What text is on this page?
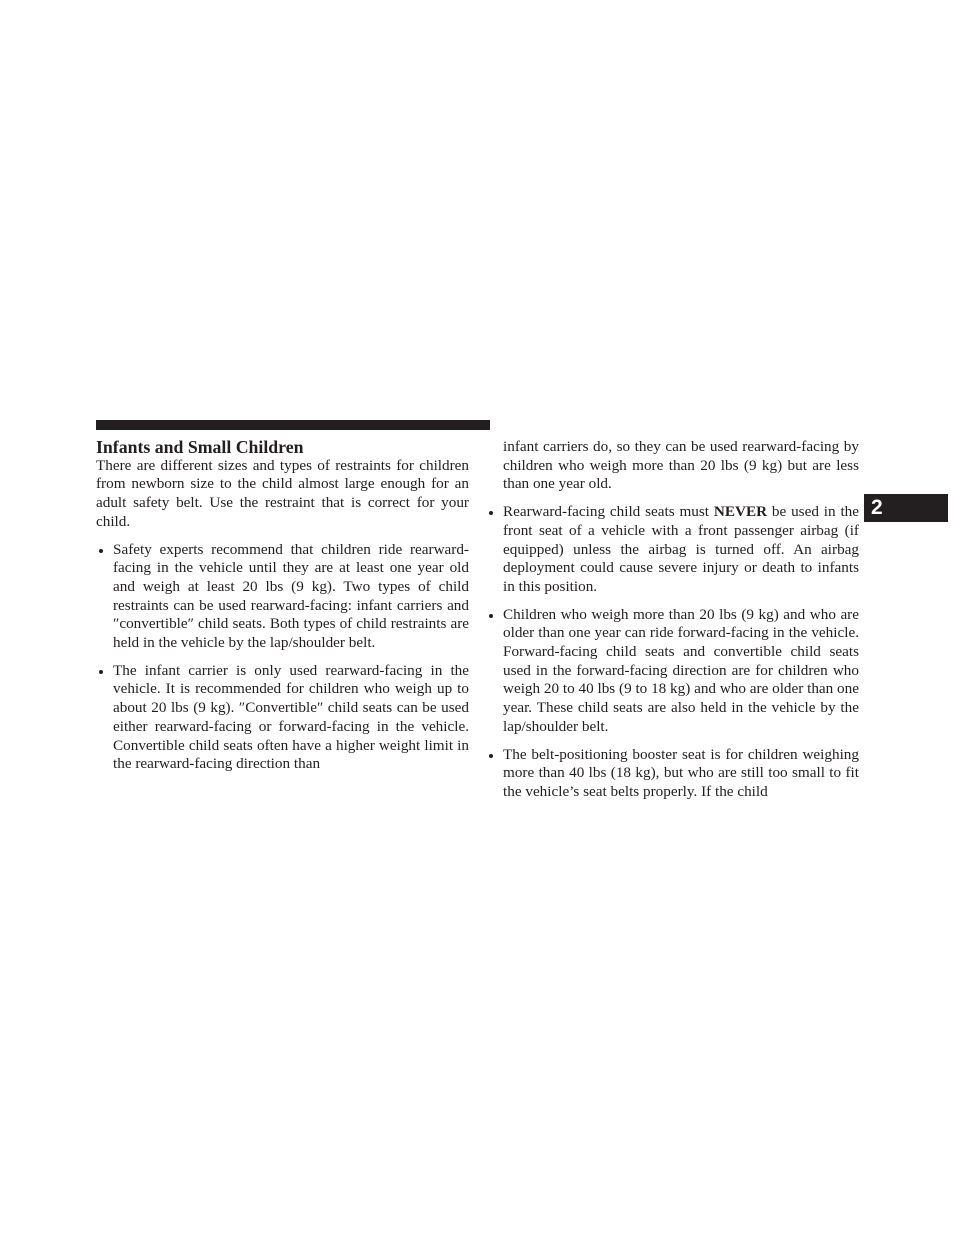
Infants and Small Children

There are different sizes and types of restraints for children from newborn size to the child almost large enough for an adult safety belt. Use the restraint that is correct for your child.

Safety experts recommend that children ride rearward-facing in the vehicle until they are at least one year old and weigh at least 20 lbs (9 kg). Two types of child restraints can be used rearward-facing: infant carriers and ″convertible″ child seats. Both types of child restraints are held in the vehicle by the lap/shoulder belt.

The infant carrier is only used rearward-facing in the vehicle. It is recommended for children who weigh up to about 20 lbs (9 kg). ″Convertible″ child seats can be used either rearward-facing or forward-facing in the vehicle. Convertible child seats often have a higher weight limit in the rearward-facing direction than

infant carriers do, so they can be used rearward-facing by children who weigh more than 20 lbs (9 kg) but are less than one year old.

Rearward-facing child seats must NEVER be used in the front seat of a vehicle with a front passenger airbag (if equipped) unless the airbag is turned off. An airbag deployment could cause severe injury or death to infants in this position.

Children who weigh more than 20 lbs (9 kg) and who are older than one year can ride forward-facing in the vehicle. Forward-facing child seats and convertible child seats used in the forward-facing direction are for children who weigh 20 to 40 lbs (9 to 18 kg) and who are older than one year. These child seats are also held in the vehicle by the lap/shoulder belt.

The belt-positioning booster seat is for children weighing more than 40 lbs (18 kg), but who are still too small to fit the vehicle’s seat belts properly. If the child

2
